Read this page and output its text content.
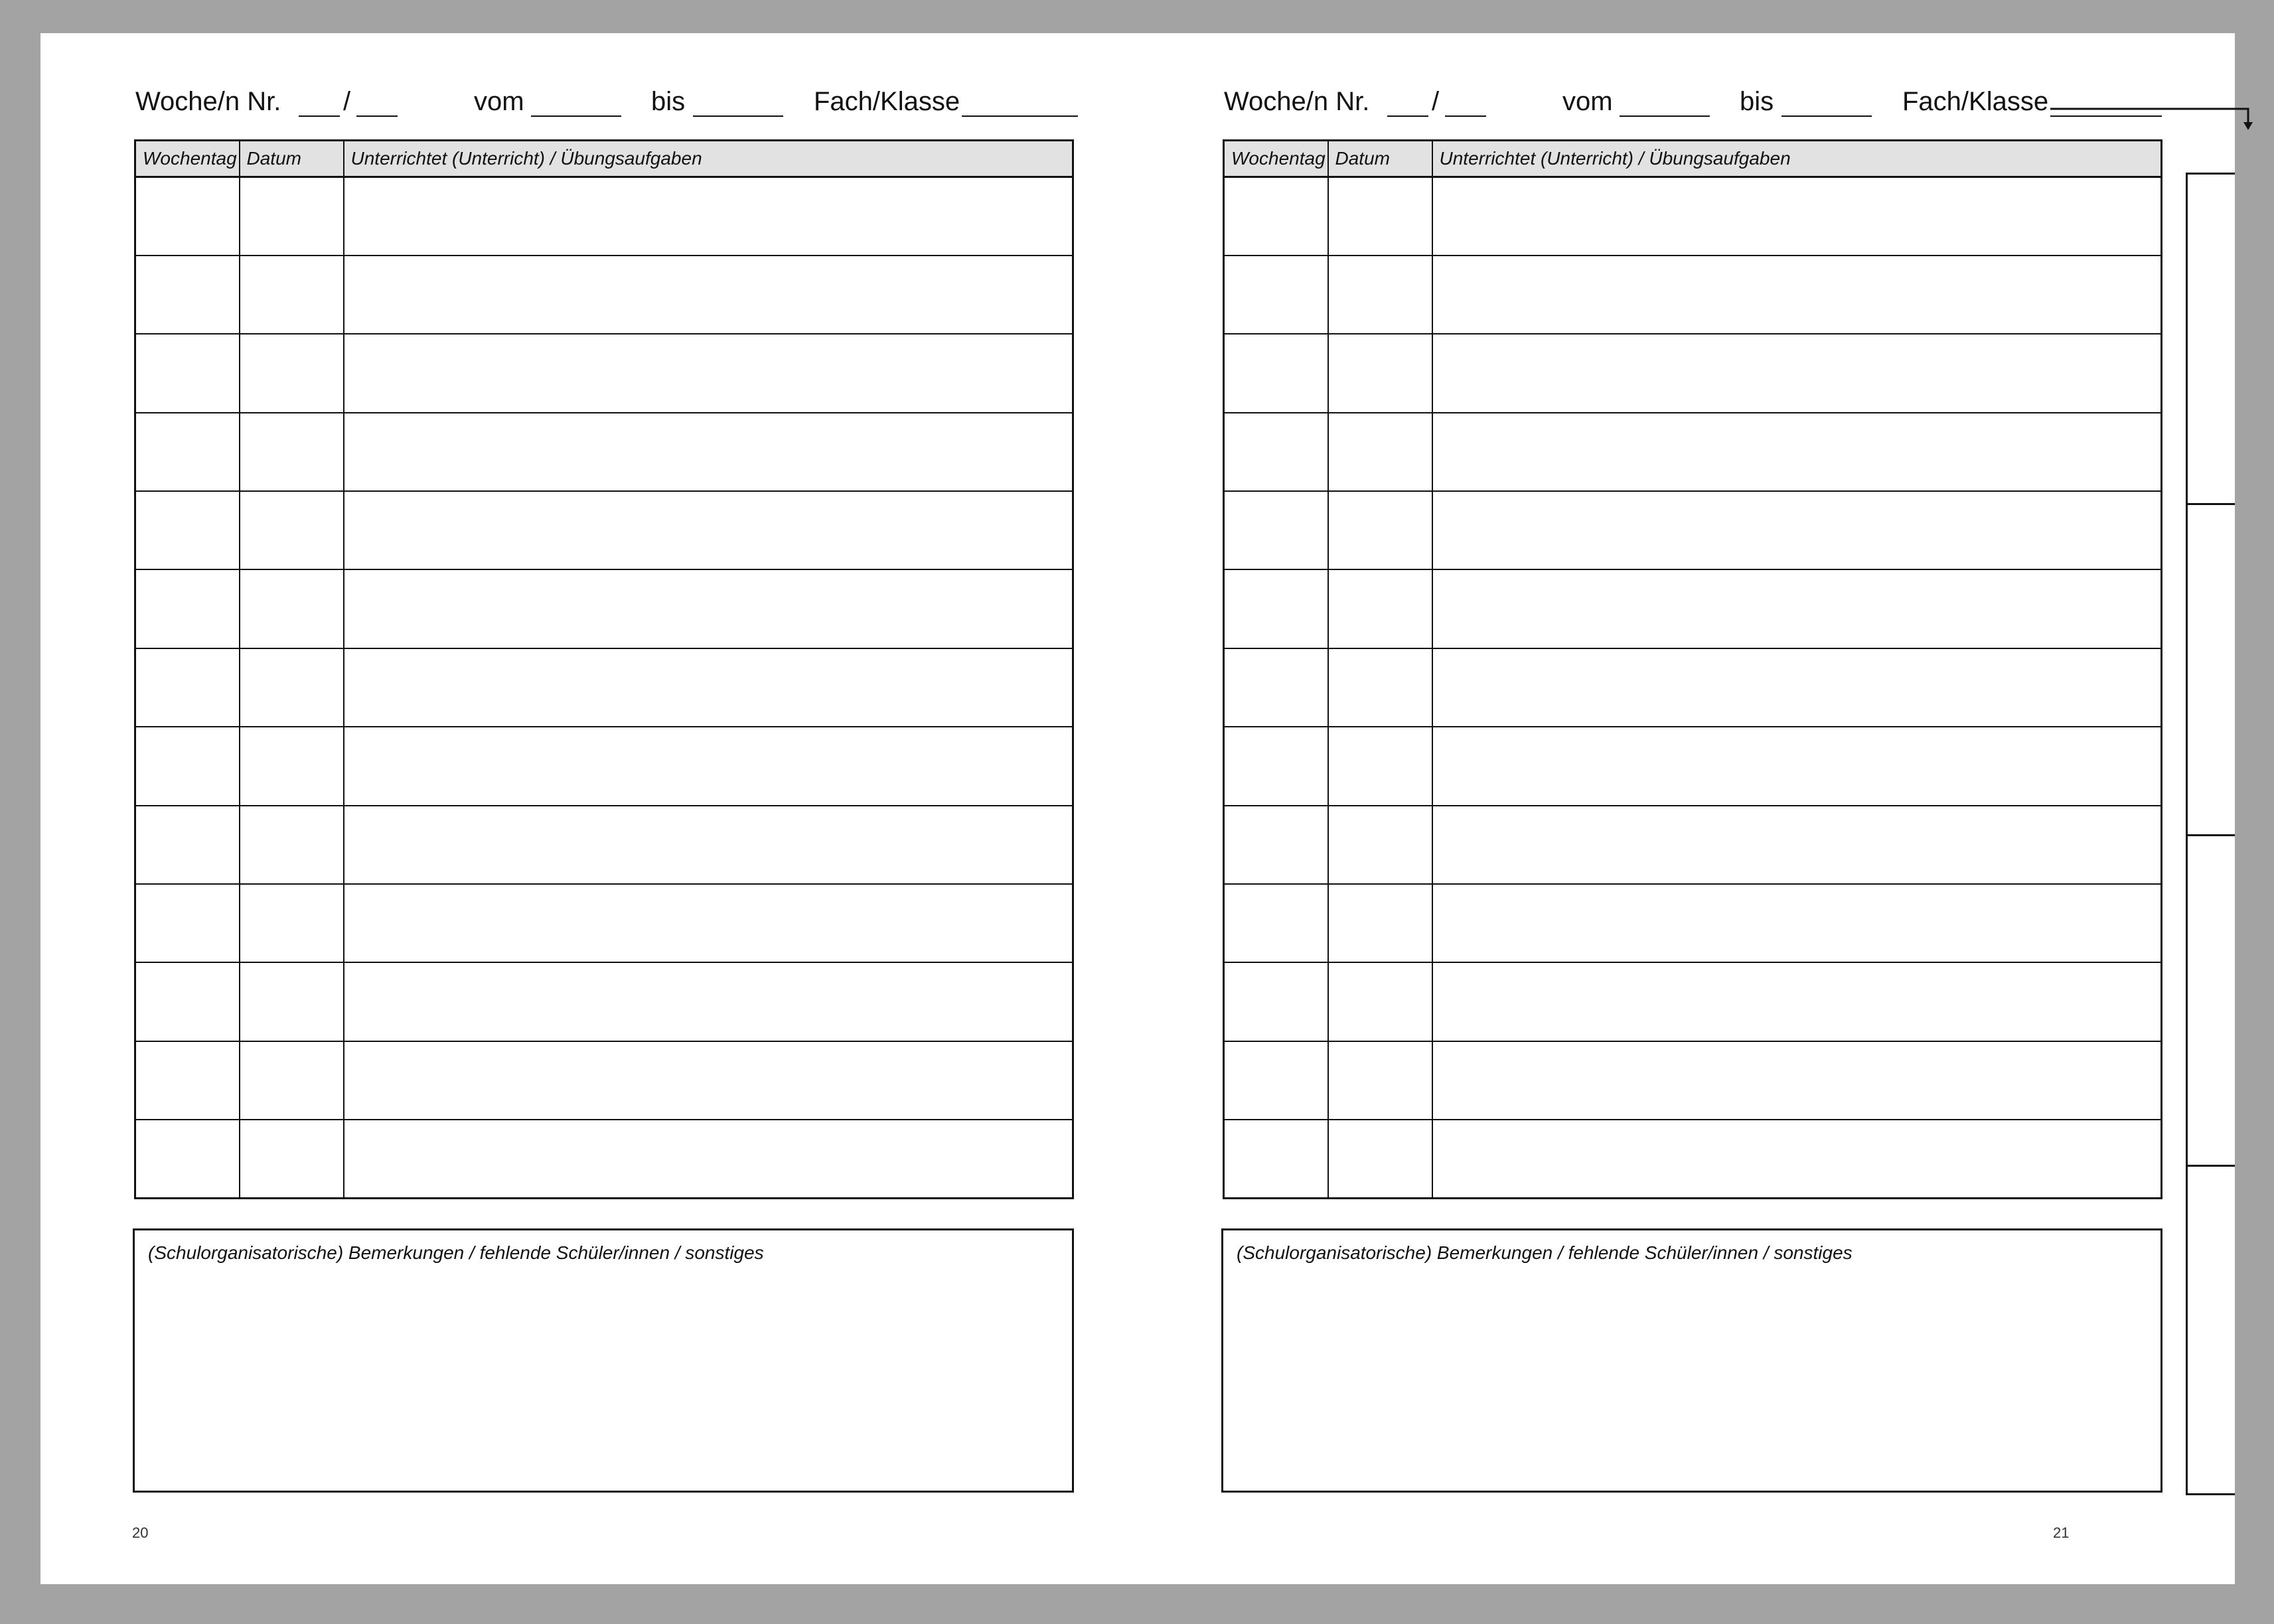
Woche/n Nr. /	vom	bis	Fach/Klasse
Wochentag	Datum	Unterrichtet (Unterricht) / Übungsaufgaben

(Schulorganisatorische) Bemerkungen / fehlende Schüler/innen / sonstiges
20
Woche/n Nr. /	vom	bis	Fach/Klasse
Wochentag	Datum	Unterrichtet (Unterricht) / Übungsaufgaben

(Schulorganisatorische) Bemerkungen / fehlende Schüler/innen / sonstiges
21
